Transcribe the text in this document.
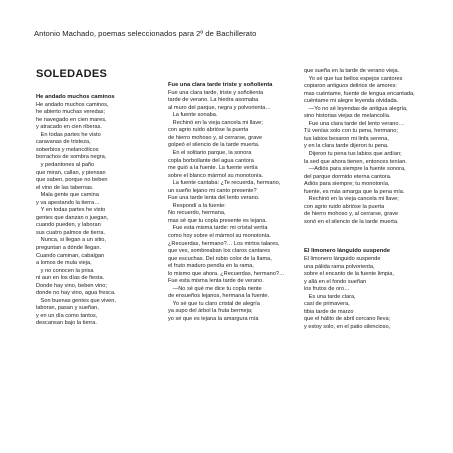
Antonio Machado, poemas seleccionados para 2º de Bachillerato
SOLEDADES
He andado muchos caminos
He andado muchos caminos,
he abierto muchas veredas;
he navegado en cien mares,
y atracado en cien riberas.
En todas partes he visto
caravanas de tristeza,
soberbios y melancólicos
borrachos de sombra negra,
y pedantones al paño
que miran, callan, y piensan
que saben, porque no beben
el vino de las tabernas.
Mala gente que camina
y va apestando la tierra…
Y en todas partes he visto
gentes que danzan o juegan,
cuando pueden, y laboran
sus cuatro palmos de tierra.
Nunca, si llegan a un sitio,
preguntan a dónde llegan.
Cuando caminan, cabalgan
a lomos de mula vieja,
y no conocen la prisa
ni aun en los días de fiesta.
Donde hay vino, beben vino;
donde no hay vino, agua fresca.
Son buenas gentes que viven,
laboran, pasan y sueñan,
y en un día como tantos,
descansan bajo la tierra.
Fue una clara tarde triste y soñolienta
Fue una clara tarde, triste y soñolienta
tarde de verano. La hiedra asomaba
al muro del parque, negra y polvorienta…
La fuente sonaba.
Rechinó en la vieja cancela mi llave;
con agrio ruido abrióse la puerta
de hierro mohoso y, al cerrarse, grave
golpeó el silencio de la tarde muerta.
En el solitario parque, la sonora
copla borbollante del agua cantora
me guió a la fuente. La fuente vertía
sobre el blanco mármol su monotonía.
La fuente cantaba: ¿Te recuerda, hermano,
un sueño lejano mi canto presente?
Fue una tarde lenta del lento verano.
Respondí a la fuente:
No recuerdo, hermana,
mas sé que tu copla presente es lejana.
Fue esta misma tarde: mi cristal vertía
como hoy sobre el mármol su monotonía.
¿Recuerdas, hermano?… Los mirtos talares,
que ves, sombreaban los claros cantares
que escuchas. Del rubio color de la llama,
el fruto maduro pendía en la rama,
lo mismo que ahora. ¿Recuerdas, hermano?…
Fue esta misma lenta tarde de verano.
—No sé qué me dice tu copla riente
de ensueños lejanos, hermana la fuente.
Yo sé que tu claro cristal de alegría
ya supo del árbol la fruta bermeja;
yo sé que es lejana la amargura mía
que sueña en la tarde de verano vieja.
Yo sé que tus bellos espejos cantores
copiaron antiguos delirios de amores:
mas cuéntame, fuente de lengua encantada,
cuéntame mi alegre leyenda olvidada.
—Yo no sé leyendas de antigua alegría,
sino historias viejas de melancolía.
Fue una clara tarde del lento verano…
Tú venías solo con tu pena, hermano;
tus labios besaron mi linfa serena,
y en la clara tarde dijeron tu pena.
Dijeron tu pena tus labios que ardían;
la sed que ahora tienen, entonces tenían.
—Adiós para siempre la fuente sonora,
del parque dormido eterna cantora.
Adiós para siempre; tu monotonía,
fuente, es más amarga que la pena mía.
Rechinó en la vieja cancela mi llave;
con agrio ruido abrióse la puerta
de hierro mohoso y, al cerrarse, grave
sonó en el silencio de la tarde muerta.
El limonero lánguido suspende
El limonero lánguido suspende
una pálida rama polvorienta,
sobre el encanto de la fuente limpia,
y allá en el fondo sueñan
los frutos de oro…
Es una tarde clara,
casi de primavera,
tibia tarde de marzo
que el hálito de abril cercano lleva;
y estoy solo, en el patio silencioso,
